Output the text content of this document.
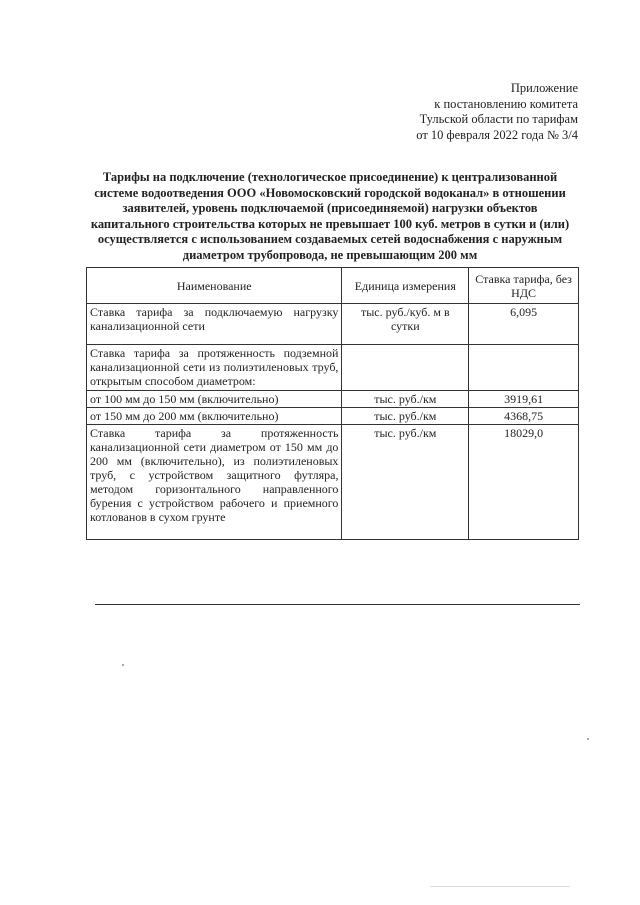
Приложение
к постановлению комитета
Тульской области по тарифам
от 10 февраля 2022 года № 3/4
Тарифы на подключение (технологическое присоединение) к централизованной
системе водоотведения ООО «Новомосковский городской водоканал» в отношении
заявителей, уровень подключаемой (присоединяемой) нагрузки объектов
капитального строительства которых не превышает 100 куб. метров в сутки и (или)
осуществляется с использованием создаваемых сетей водоснабжения с наружным
диаметром трубопровода, не превышающим 200 мм
Наименование	Единица измерения	Ставка тарифа, без НДС
Ставка тарифа за подключаемую нагрузку канализационной сети	тыс. руб./куб. м в сутки	6,095
Ставка тарифа за протяженность подземной канализационной сети из полиэтиленовых труб, открытым способом диаметром:		
от 100 мм до 150 мм (включительно)	тыс. руб./км	3919,61
от 150 мм до 200 мм (включительно)	тыс. руб./км	4368,75
Ставка тарифа за протяженность канализационной сети диаметром от 150 мм до 200 мм (включительно), из полиэтиленовых труб, с устройством защитного футляра, методом горизонтального направленного бурения с устройством рабочего и приемного котлованов в сухом грунте	тыс. руб./км	18029,0
